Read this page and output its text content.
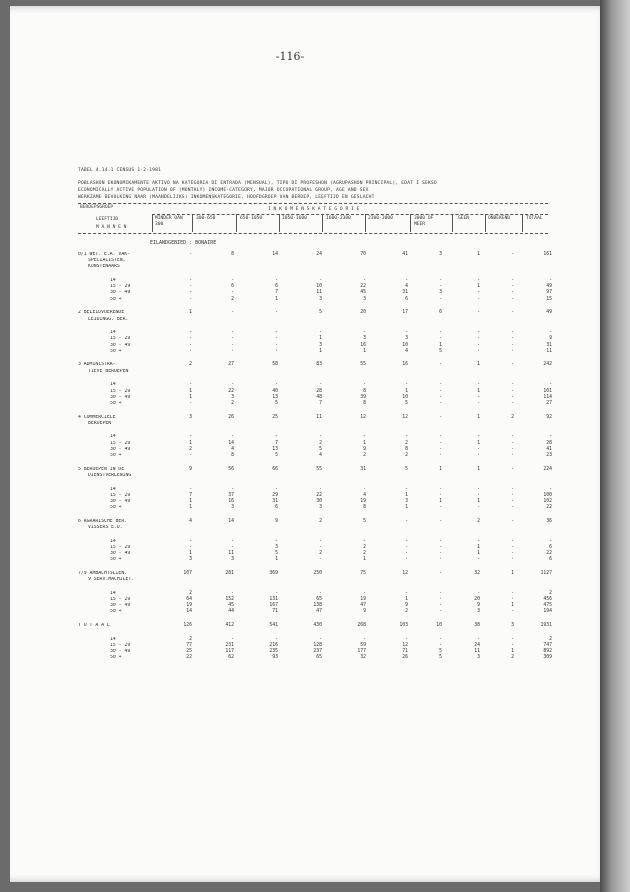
-116-
TABEL 4.14.1 CENSUS 1-2-1981
POBLASHON EKONOMIKAMENTE AKTIVO NA KATEGORIA DI ENTRADA (MENSUAL), TIPO DI PROFESHON (AGRUPASHON PRINCIPAL), EDAT I SEKSO
ECONOMICALLY ACTIVE POPULATION OF (MONTHLY) INCOME-CATEGORY, MAJOR OCCUPATIONAL GROUP, AGE AND SEX
WERKZAME BEVOLKING NAAR (MAANDELIJKS) INKOMENSKATEGORIE, HOOFDGROEP VAN BEROEP, LEEFTIJD EN GESLACHT
BEROEPSGROEP	I N K O M E N S K A T E G O R I E
LEEFTIJD
M A N N E N
MINDER DAN 300
300-650	650-1050	1050-1600	1600-2300	2300-3000	3000 OF MEER
GEEN	ONBEKEND	TOTAAL
EILANDGEBIED : BONAIRE
0/1 WET. E.A. VAK-	-	8	14	24	70	41	3	1	-	161
SPECIALISTEN,
KUNSTENAARS
14	-	-	-	-	-	-	-	-	-	-
15 - 29	-	6	6	10	22	4	-	1	-	49
30 - 49	-	-	7	11	45	31	3	-	-	97
50 +	-	2	1	3	3	6	-	-	-	15
2 BELEIDVOERENDE	1	-	-	5	20	17	6	-	-	49
LEIDINGG. BER.
14	-	-	-	-	-	-	-	-	-	-
15 - 29	-	-	-	1	3	3	-	-	-	9
30 - 49	-	-	-	3	16	10	1	-	-	31
50 +	-	-	-	1	1	4	5	-	-	11
3 ADMINISTRA-	2	27	58	83	55	16	-	1	-	242
TIEVE BEROEPEN
14	-	-	-	-	-	-	-	-	-	-
15 - 29	1	22	40	28	8	1	-	1	-	101
30 - 49	1	3	13	48	39	10	-	-	-	114
50 +	-	2	5	7	8	5	-	-	-	27
4 COMMERCIELE	3	26	25	11	12	12	-	1	2	92
BEROEPEN
14	-	-	-	-	-	-	-	-	-	-
15 - 29	1	14	7	2	1	2	-	1	-	28
30 - 49	2	4	13	5	9	8	-	-	-	41
50 +	-	8	5	4	2	2	-	-	-	23
5 BEROEPEN IN DE	9	56	66	55	31	5	1	1	-	224
DIENSTVERLENING
14	-	-	-	-	-	-	-	-	-	-
15 - 29	7	37	29	22	4	1	-	-	-	100
30 - 49	1	16	31	30	19	3	1	1	-	102
50 +	1	3	6	3	8	1	-	-	-	22
6 AGRARISCHE BER.	4	14	9	2	5	-	-	2	-	36
VISSERS E.D.
14	-	-	-	-	-	-	-	-	-	-
15 - 29	-	-	3	-	2	-	-	1	-	6
30 - 49	1	11	5	2	2	-	-	1	-	22
50 +	3	3	1	-	1	-	-	-	-	6
7/9 AMBACHTSLIEN.	107	281	369	250	75	12	-	32	1	1127
9 SERV.MACHILET.
14	2	-	-	-	-	-	-	-	-	2
15 - 29	64	152	131	65	19	1	-	20	-	456
30 - 49	19	45	167	138	47	9	-	9	1	475
50 +	14	44	71	47	9	2	-	3	-	194
T O T A A L	126	412	541	430	268	103	10	38	3	1931
14	2	-	-	-	-	-	-	-	-	2
15 - 29	77	231	216	128	59	12	-	24	-	747
30 - 49	25	117	235	237	177	71	5	11	1	892
50 +	22	62	93	65	32	26	5	3	2	309
